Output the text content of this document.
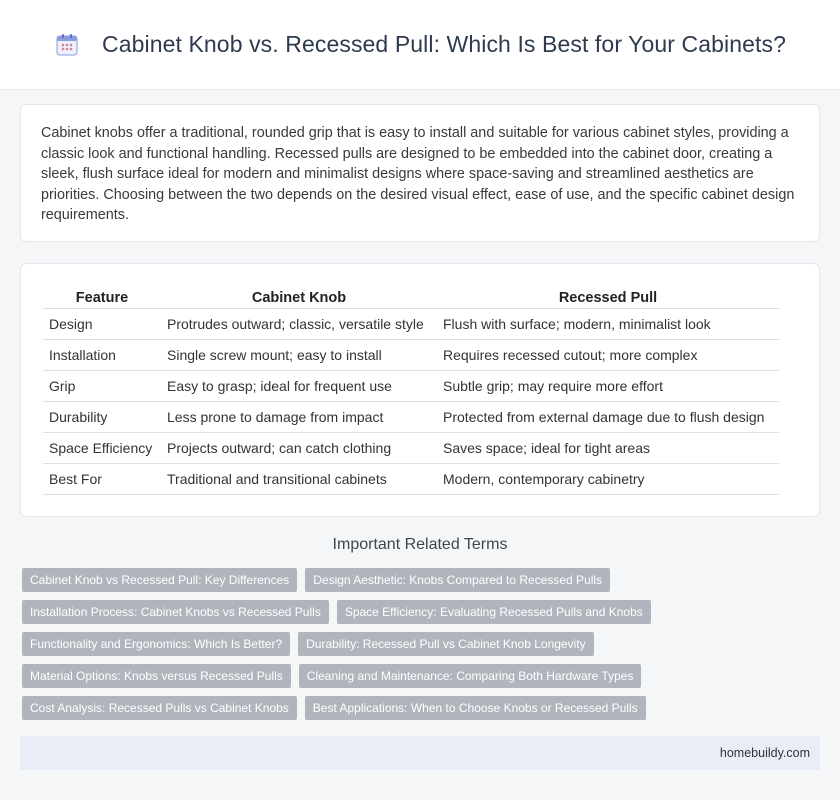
Cabinet Knob vs. Recessed Pull: Which Is Best for Your Cabinets?

Cabinet knobs offer a traditional, rounded grip that is easy to install and suitable for various cabinet styles, providing a classic look and functional handling. Recessed pulls are designed to be embedded into the cabinet door, creating a sleek, flush surface ideal for modern and minimalist designs where space-saving and streamlined aesthetics are priorities. Choosing between the two depends on the desired visual effect, ease of use, and the specific cabinet design requirements.

Feature	Cabinet Knob	Recessed Pull
Design	Protrudes outward; classic, versatile style	Flush with surface; modern, minimalist look
Installation	Single screw mount; easy to install	Requires recessed cutout; more complex
Grip	Easy to grasp; ideal for frequent use	Subtle grip; may require more effort
Durability	Less prone to damage from impact	Protected from external damage due to flush design
Space Efficiency	Projects outward; can catch clothing	Saves space; ideal for tight areas
Best For	Traditional and transitional cabinets	Modern, contemporary cabinetry
Important Related Terms
Cabinet Knob vs Recessed Pull: Key Differences	Design Aesthetic: Knobs Compared to Recessed Pulls
Installation Process: Cabinet Knobs vs Recessed Pulls	Space Efficiency: Evaluating Recessed Pulls and Knobs
Functionality and Ergonomics: Which Is Better?	Durability: Recessed Pull vs Cabinet Knob Longevity
Material Options: Knobs versus Recessed Pulls	Cleaning and Maintenance: Comparing Both Hardware Types
Cost Analysis: Recessed Pulls vs Cabinet Knobs	Best Applications: When to Choose Knobs or Recessed Pulls
homebuildy.com
